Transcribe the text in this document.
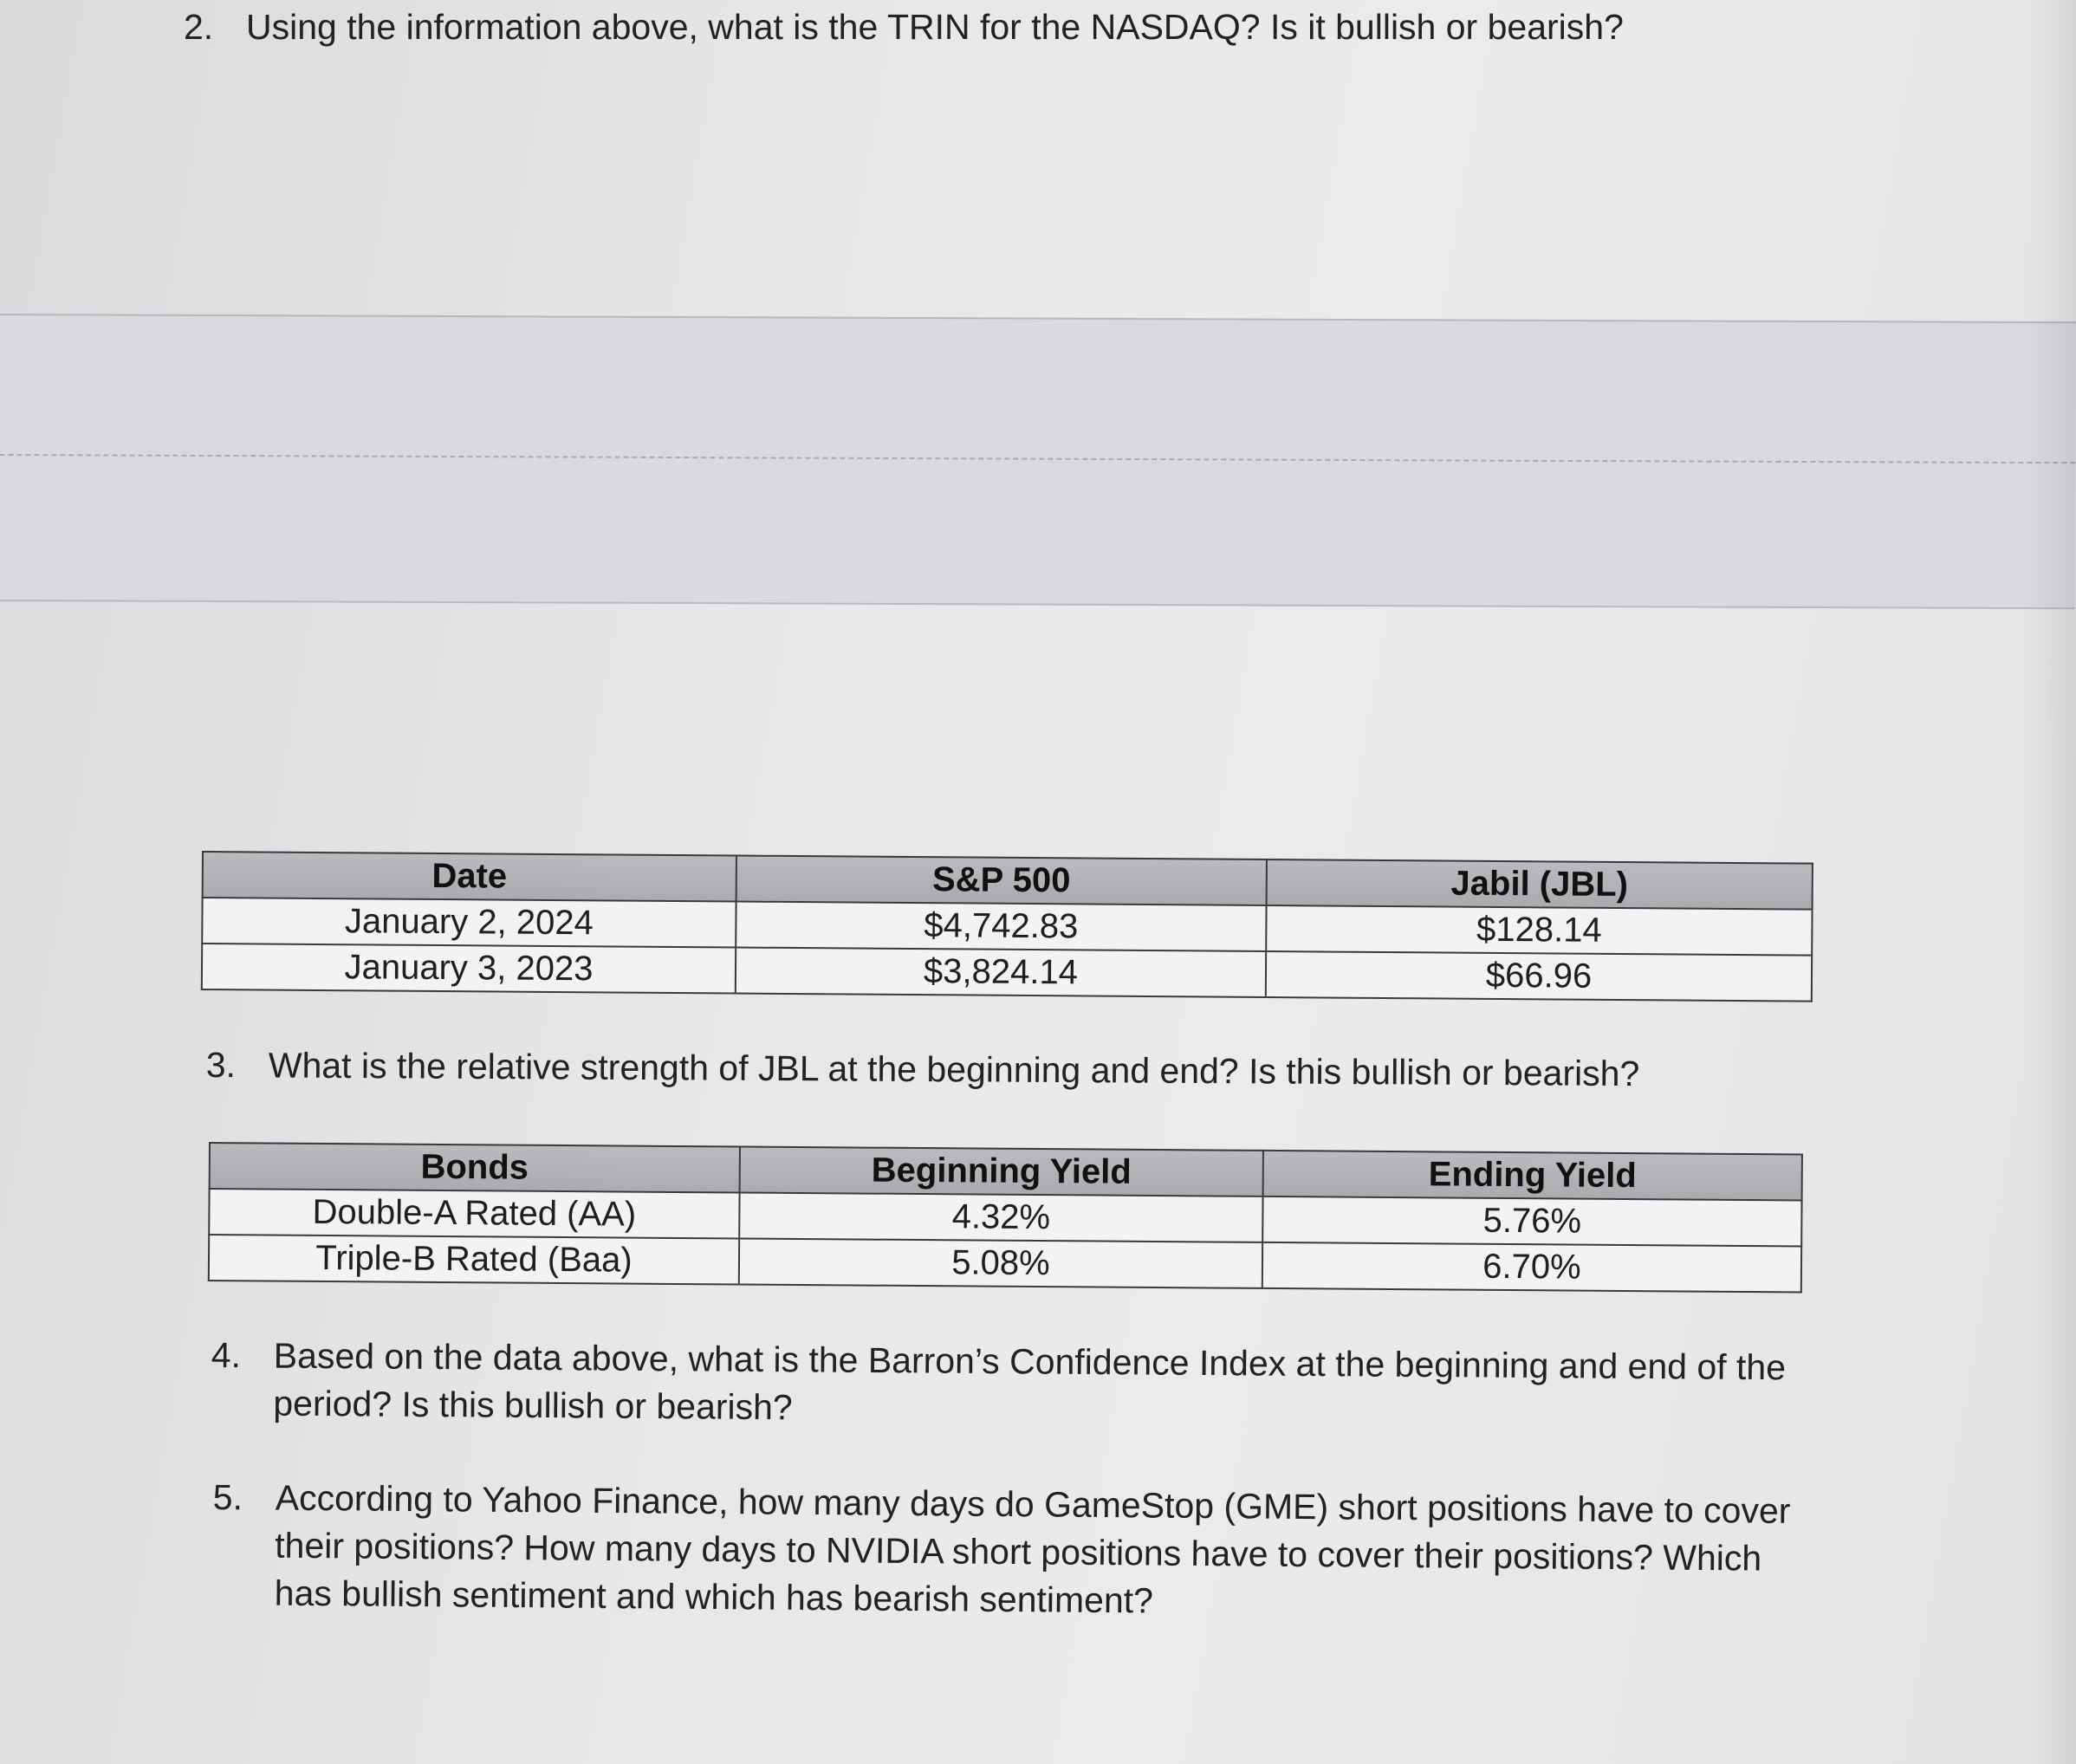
2. Using the information above, what is the TRIN for the NASDAQ? Is it bullish or bearish?
Date	S&P 500	Jabil (JBL)
January 2, 2024	$4,742.83	$128.14
January 3, 2023	$3,824.14	$66.96
3. What is the relative strength of JBL at the beginning and end? Is this bullish or bearish?
Bonds	Beginning Yield	Ending Yield
Double-A Rated (AA)	4.32%	5.76%
Triple-B Rated (Baa)	5.08%	6.70%
4. Based on the data above, what is the Barron’s Confidence Index at the beginning and end of the period? Is this bullish or bearish?
5. According to Yahoo Finance, how many days do GameStop (GME) short positions have to cover their positions? How many days to NVIDIA short positions have to cover their positions? Which has bullish sentiment and which has bearish sentiment?
